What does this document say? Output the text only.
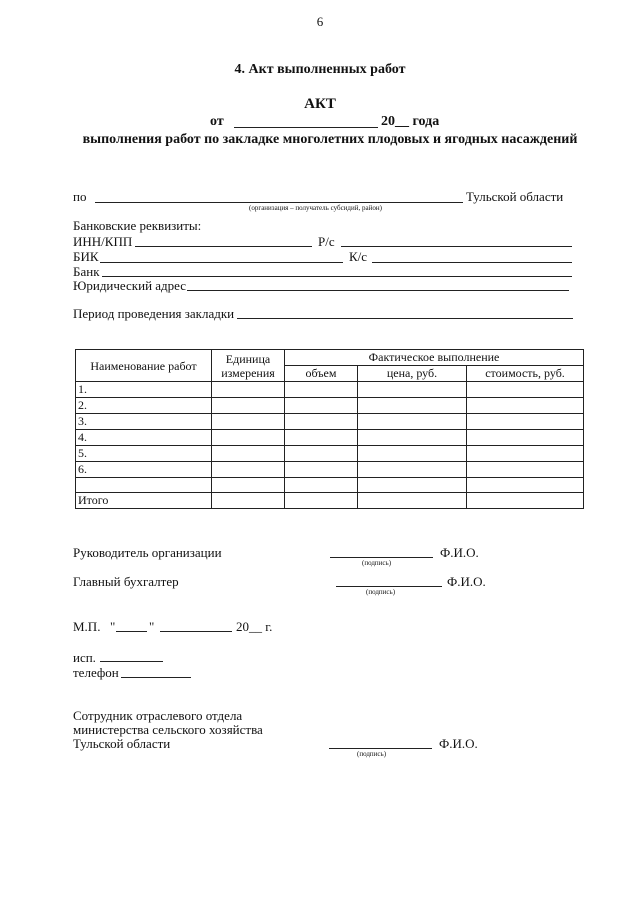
6
4. Акт выполненных работ
АКТ
от	20__ года
выполнения работ по закладке многолетних плодовых и ягодных насаждений
по	Тульской области
(организация – получатель субсидий, район)
Банковские реквизиты:
ИНН/КПП	Р/с
БИК	К/с
Банк
Юридический адрес
Период проведения закладки
Наименование работ	Единица измерения	Фактическое выполнение		
		объем	цена, руб.	стоимость, руб.
1.				
2.				
3.				
4.				
5.				
6.				

Итого				
Руководитель организации	Ф.И.О.
(подпись)
Главный бухгалтер	Ф.И.О.
(подпись)
М.П. "	"	20__ г.
исп.
телефон
Сотрудник отраслевого отдела
министерства сельского хозяйства
Тульской области	Ф.И.О.
(подпись)
